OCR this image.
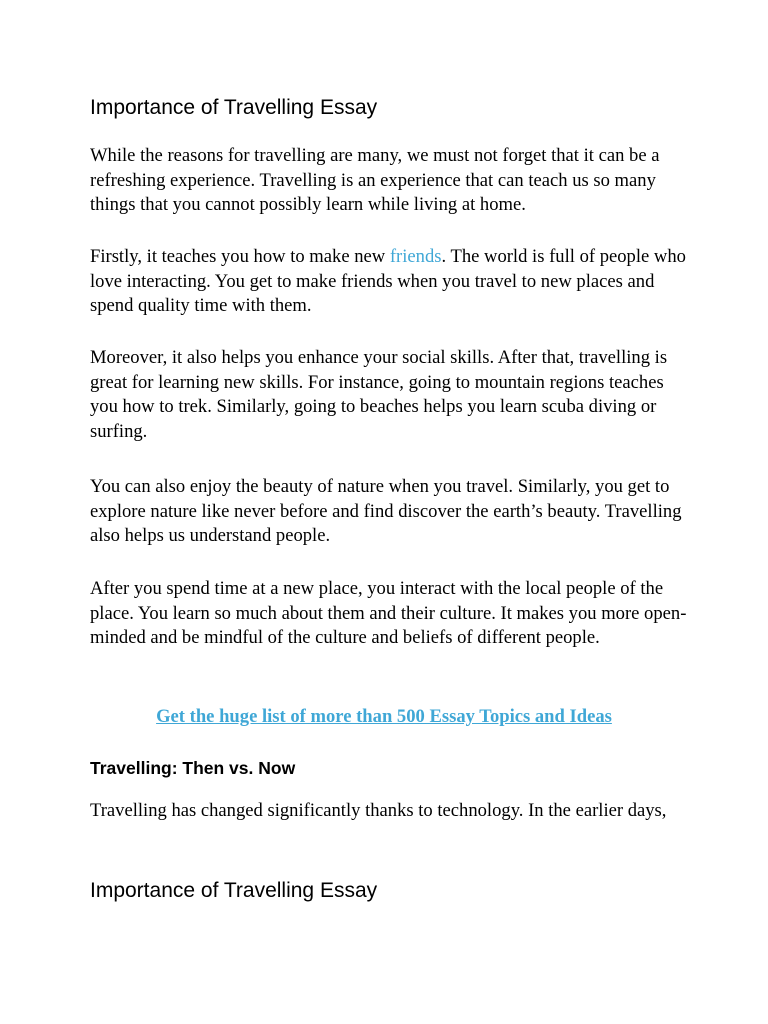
Importance of Travelling Essay

While the reasons for travelling are many, we must not forget that it can be a refreshing experience. Travelling is an experience that can teach us so many things that you cannot possibly learn while living at home.

Firstly, it teaches you how to make new friends. The world is full of people who love interacting. You get to make friends when you travel to new places and spend quality time with them.

Moreover, it also helps you enhance your social skills. After that, travelling is great for learning new skills. For instance, going to mountain regions teaches you how to trek. Similarly, going to beaches helps you learn scuba diving or surfing.

You can also enjoy the beauty of nature when you travel. Similarly, you get to explore nature like never before and find discover the earth’s beauty. Travelling also helps us understand people.

After you spend time at a new place, you interact with the local people of the place. You learn so much about them and their culture. It makes you more open-minded and be mindful of the culture and beliefs of different people.

Get the huge list of more than 500 Essay Topics and Ideas
Travelling: Then vs. Now

Travelling has changed significantly thanks to technology. In the earlier days,

Importance of Travelling Essay
